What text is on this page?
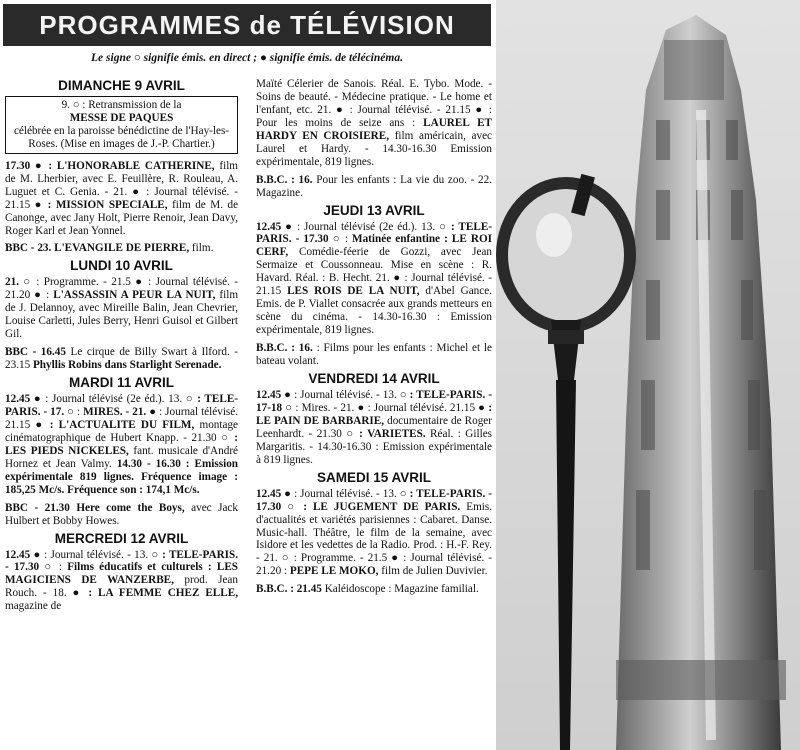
PROGRAMMES de TÉLÉVISION
Le signe ○ signifie émis. en direct ; ● signifie émis. de télécinéma.
DIMANCHE 9 AVRIL
9. ○ : Retransmission de la
MESSE DE PAQUES
célébrée en la paroisse bénédictine de l'Hay-les-Roses. (Mise en images de J.-P. Chartier.)

17.30 ● : L'HONORABLE CATHERINE, film de M. Lherbier, avec E. Feuillère, R. Rouleau, A. Luguet et C. Genia. - 21. ● : Journal télévisé. - 21.15 ● : MISSION SPECIALE, film de M. de Canonge, avec Jany Holt, Pierre Renoir, Jean Davy, Roger Karl et Jean Yonnel.

BBC - 23. L'EVANGILE DE PIERRE, film.

LUNDI 10 AVRIL

21. ○ : Programme. - 21.5 ● : Journal télévisé. - 21.20 ● : L'ASSASSIN A PEUR LA NUIT, film de J. Delannoy, avec Mireille Balin, Jean Chevrier, Louise Carletti, Jules Berry, Henri Guisol et Gilbert Gil.

BBC - 16.45 Le cirque de Billy Swart à Ilford. - 23.15 Phyllis Robins dans Starlight Serenade.

MARDI 11 AVRIL

12.45 ● : Journal télévisé (2e éd.). 13. ○ : TELE-PARIS. - 17. ○ : MIRES. - 21. ● : Journal télévisé. 21.15 ● : L'ACTUALITE DU FILM, montage cinématographique de Hubert Knapp. - 21.30 ○ : LES PIEDS NICKELES, fant. musicale d'André Hornez et Jean Valmy. 14.30 - 16.30 : Emission expérimentale 819 lignes. Fréquence image : 185,25 Mc/s. Fréquence son : 174,1 Mc/s.

BBC - 21.30 Here come the Boys, avec Jack Hulbert et Bobby Howes.

MERCREDI 12 AVRIL

12.45 ● : Journal télévisé. - 13. ○ : TELE-PARIS. - 17.30 ○ : Films éducatifs et culturels : LES MAGICIENS DE WANZERBE, prod. Jean Rouch. - 18. ● : LA FEMME CHEZ ELLE, magazine de

Maïté Célerier de Sanois. Réal. E. Tybo. Mode. - Soins de beauté. - Médecine pratique. - Le home et l'enfant, etc. 21. ● : Journal télévisé. - 21.15 ● : Pour les moins de seize ans : LAUREL ET HARDY EN CROISIERE, film américain, avec Laurel et Hardy. - 14.30-16.30 Emission expérimentale, 819 lignes.

B.B.C. : 16. Pour les enfants : La vie du zoo. - 22. Magazine.

JEUDI 13 AVRIL

12.45 ● : Journal télévisé (2e éd.). 13. ○ : TELE-PARIS. - 17.30 ○ : Matinée enfantine : LE ROI CERF, Comédie-féerie de Gozzi, avec Jean Sermaize et Coussonneau. Mise en scène : R. Havard. Réal. : B. Hecht. 21. ● : Journal télévisé. - 21.15 LES ROIS DE LA NUIT, d'Abel Gance. Emis. de P. Viallet consacrée aux grands metteurs en scène du cinéma. - 14.30-16.30 : Emission expérimentale, 819 lignes.

B.B.C. : 16. : Films pour les enfants : Michel et le bateau volant.

VENDREDI 14 AVRIL

12.45 ● : Journal télévisé. - 13. ○ : TELE-PARIS. - 17-18 ○ : Mires. - 21. ● : Journal télévisé. 21.15 ● : LE PAIN DE BARBARIE, documentaire de Roger Leenhardt. - 21.30 ○ : VARIETES. Réal. : Gilles Margaritis. - 14.30-16.30 : Emission expérimentale à 819 lignes.

SAMEDI 15 AVRIL

12.45 ● : Journal télévisé. - 13. ○ : TELE-PARIS. - 17.30 ○ : LE JUGEMENT DE PARIS. Emis. d'actualités et variétés parisiennes : Cabaret. Danse. Music-hall. Théâtre, le film de la semaine, avec Isidore et les vedettes de la Radio. Prod. : H.-F. Rey. - 21. ○ : Programme. - 21.5 ● : Journal télévisé. - 21.20 : PEPE LE MOKO, film de Julien Duvivier.

B.B.C. : 21.45 Kaléidoscope : Magazine familial.
